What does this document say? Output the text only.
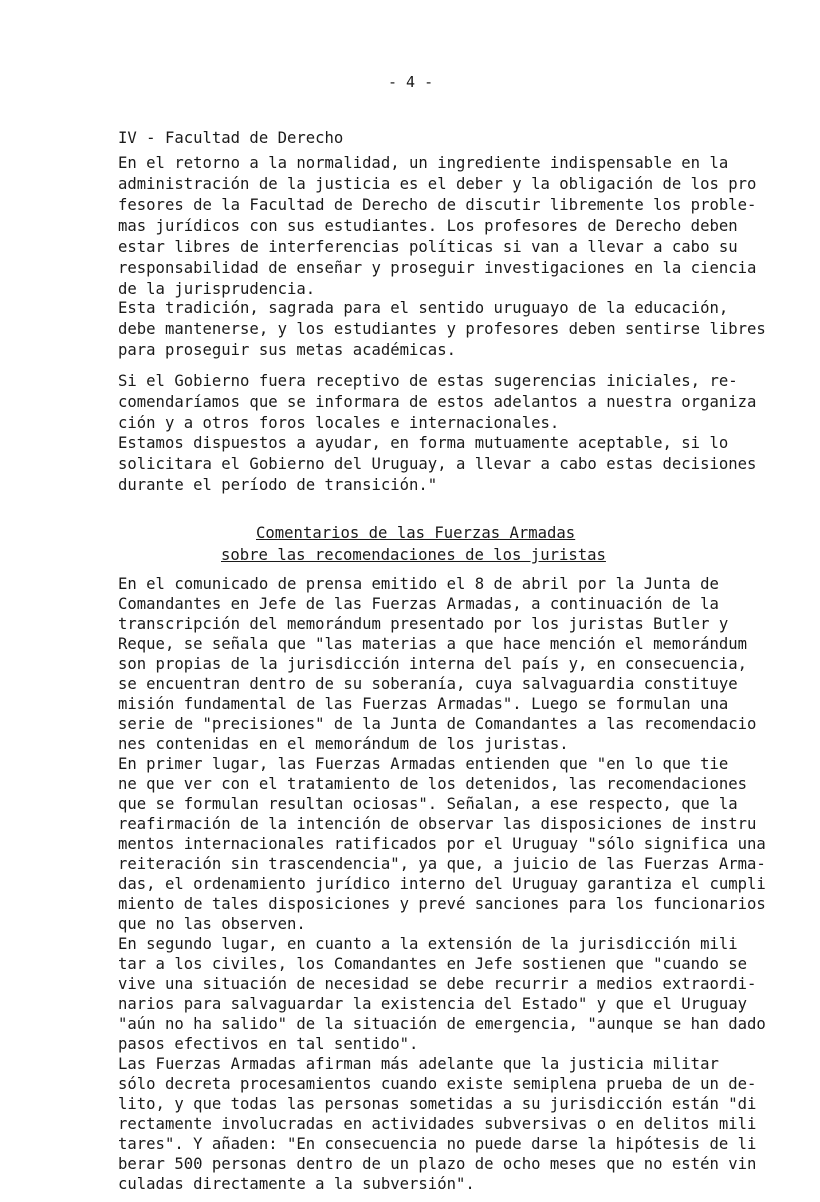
- 4 -
IV - Facultad de Derecho
En el retorno a la normalidad, un ingrediente indispensable en la
administración de la justicia es el deber y la obligación de los pro
fesores de la Facultad de Derecho de discutir libremente los proble-
mas jurídicos con sus estudiantes. Los profesores de Derecho deben
estar libres de interferencias políticas si van a llevar a cabo su
responsabilidad de enseñar y proseguir investigaciones en la ciencia
de la jurisprudencia.
Esta tradición, sagrada para el sentido uruguayo de la educación,
debe mantenerse, y los estudiantes y profesores deben sentirse libres
para proseguir sus metas académicas.
Si el Gobierno fuera receptivo de estas sugerencias iniciales, re-
comendaríamos que se informara de estos adelantos a nuestra organiza
ción y a otros foros locales e internacionales.
Estamos dispuestos a ayudar, en forma mutuamente aceptable, si lo
solicitara el Gobierno del Uruguay, a llevar a cabo estas decisiones
durante el período de transición."
Comentarios de las Fuerzas Armadas
sobre las recomendaciones de los juristas
En el comunicado de prensa emitido el 8 de abril por la Junta de
Comandantes en Jefe de las Fuerzas Armadas, a continuación de la
transcripción del memorándum presentado por los juristas Butler y
Reque, se señala que "las materias a que hace mención el memorándum
son propias de la jurisdicción interna del país y, en consecuencia,
se encuentran dentro de su soberanía, cuya salvaguardia constituye
misión fundamental de las Fuerzas Armadas". Luego se formulan una
serie de "precisiones" de la Junta de Comandantes a las recomendacio
nes contenidas en el memorándum de los juristas.
En primer lugar, las Fuerzas Armadas entienden que "en lo que tie
ne que ver con el tratamiento de los detenidos, las recomendaciones
que se formulan resultan ociosas". Señalan, a ese respecto, que la
reafirmación de la intención de observar las disposiciones de instru
mentos internacionales ratificados por el Uruguay "sólo significa una
reiteración sin trascendencia", ya que, a juicio de las Fuerzas Arma-
das, el ordenamiento jurídico interno del Uruguay garantiza el cumpli
miento de tales disposiciones y prevé sanciones para los funcionarios
que no las observen.
En segundo lugar, en cuanto a la extensión de la jurisdicción mili
tar a los civiles, los Comandantes en Jefe sostienen que "cuando se
vive una situación de necesidad se debe recurrir a medios extraordi-
narios para salvaguardar la existencia del Estado" y que el Uruguay
"aún no ha salido" de la situación de emergencia, "aunque se han dado
pasos efectivos en tal sentido".
Las Fuerzas Armadas afirman más adelante que la justicia militar
sólo decreta procesamientos cuando existe semiplena prueba de un de-
lito, y que todas las personas sometidas a su jurisdicción están "di
rectamente involucradas en actividades subversivas o en delitos mili
tares". Y añaden: "En consecuencia no puede darse la hipótesis de li
berar 500 personas dentro de un plazo de ocho meses que no estén vin
culadas directamente a la subversión".
